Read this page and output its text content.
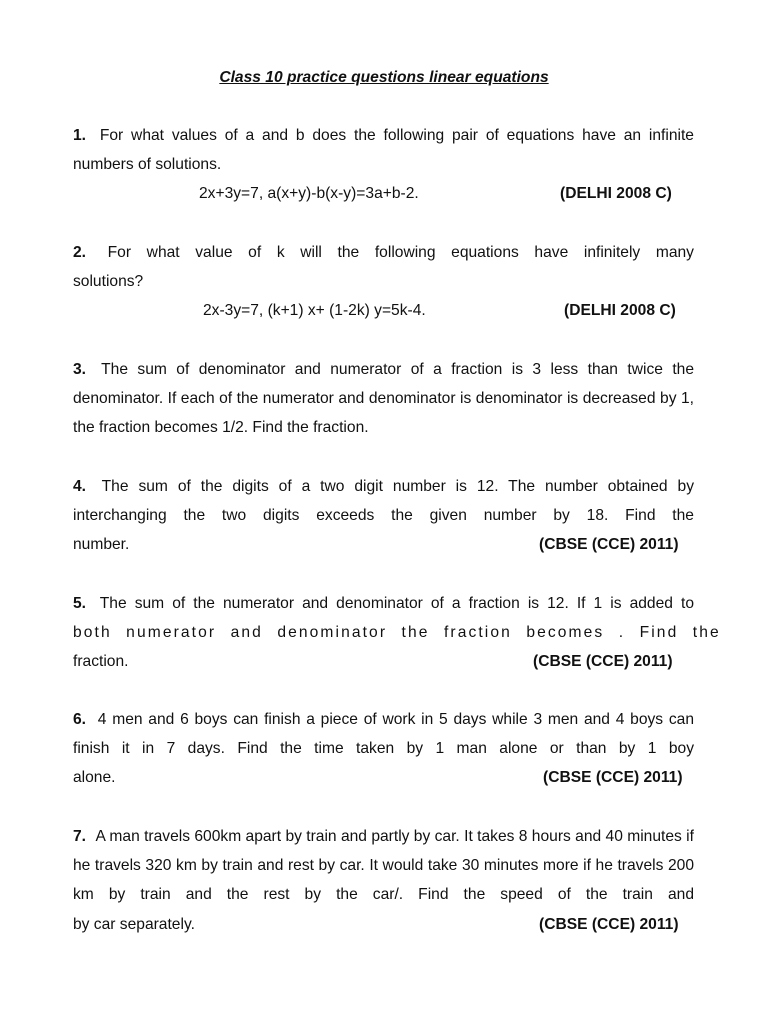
Class 10 practice questions linear equations
1. For what values of a and b does the following pair of equations have an infinite numbers of solutions.
2x+3y=7, a(x+y)-b(x-y)=3a+b-2.	(DELHI 2008 C)
2. For what value of k will the following equations have infinitely many solutions?
2x-3y=7, (k+1) x+ (1-2k) y=5k-4.	(DELHI 2008 C)
3. The sum of denominator and numerator of a fraction is 3 less than twice the denominator. If each of the numerator and denominator is denominator is decreased by 1, the fraction becomes 1/2. Find the fraction.
4. The sum of the digits of a two digit number is 12. The number obtained by interchanging the two digits exceeds the given number by 18. Find the
number.	(CBSE (CCE) 2011)
5. The sum of the numerator and denominator of a fraction is 12. If 1 is added to
both numerator and denominator the fraction becomes . Find the
fraction.	(CBSE (CCE) 2011)
6. 4 men and 6 boys can finish a piece of work in 5 days while 3 men and 4 boys can finish it in 7 days. Find the time taken by 1 man alone or than by 1 boy
alone.	(CBSE (CCE) 2011)
7. A man travels 600km apart by train and partly by car. It takes 8 hours and 40 minutes if he travels 320 km by train and rest by car. It would take 30 minutes more if he travels 200 km by train and the rest by the car/. Find the speed of the train and
by car separately.	(CBSE (CCE) 2011)
